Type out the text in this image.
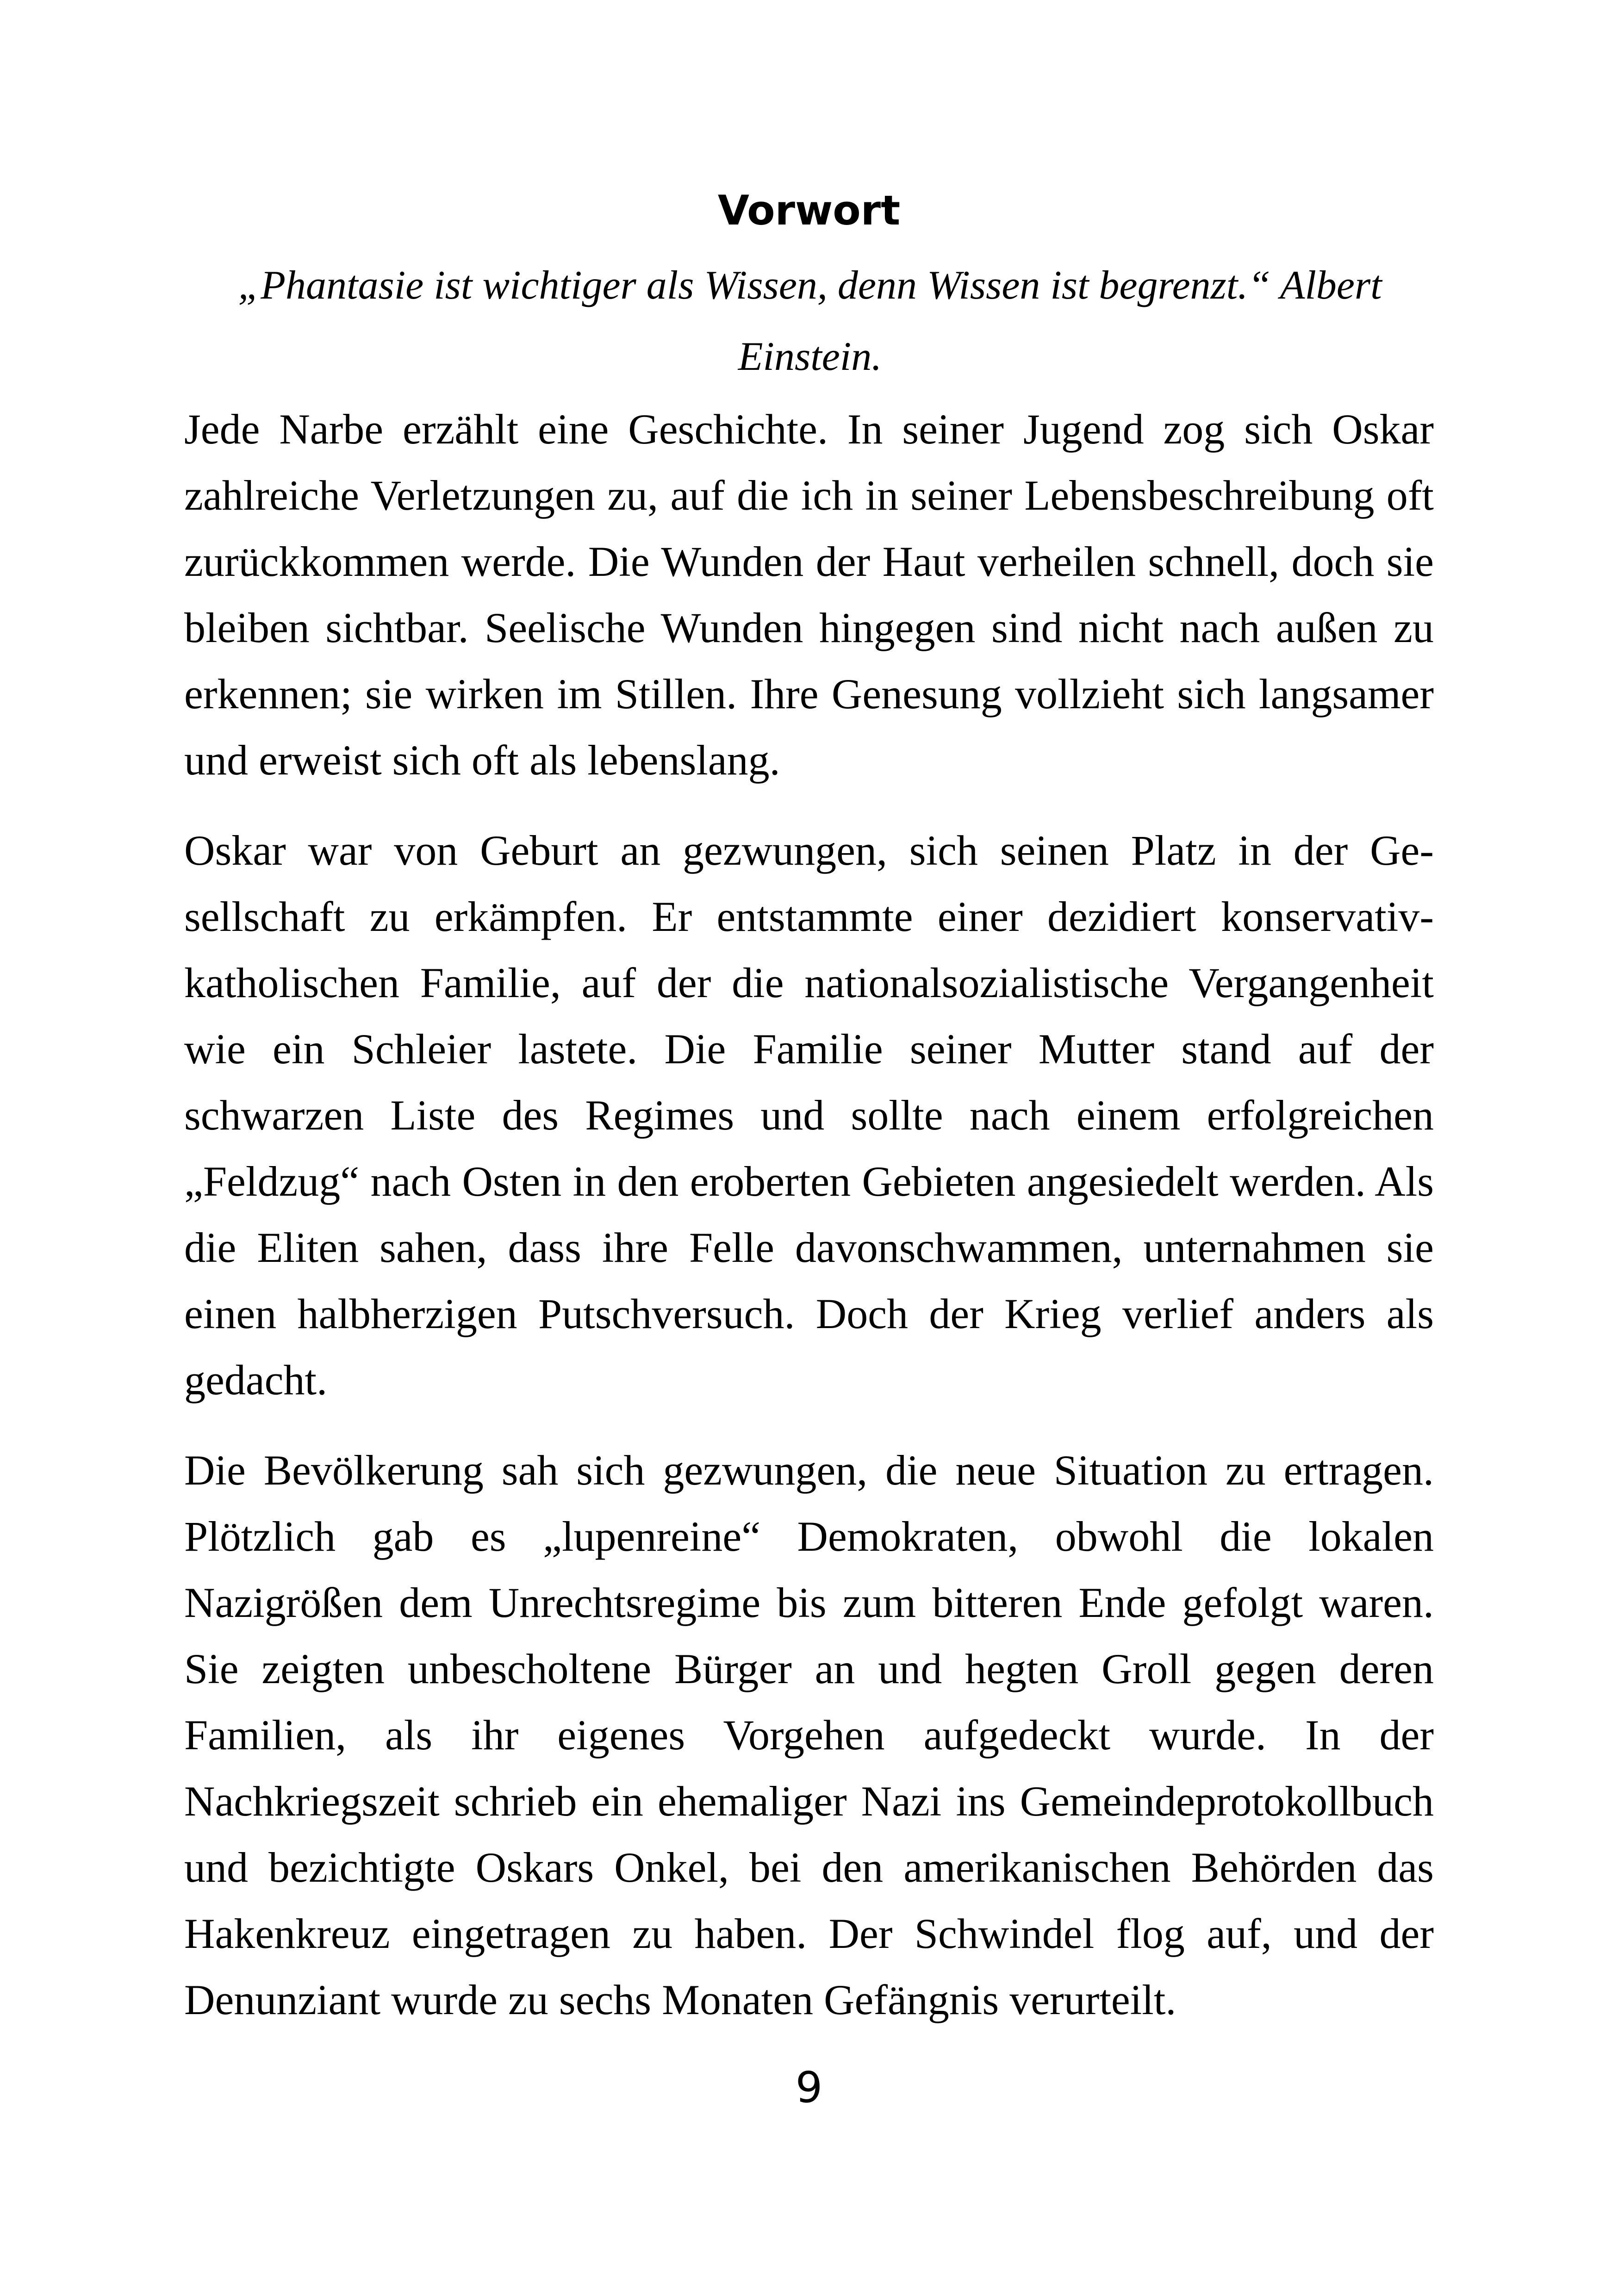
Vorwort

„Phantasie ist wichtiger als Wissen, denn Wissen ist begrenzt.“ Albert Einstein.

Jede Narbe erzählt eine Geschichte. In seiner Jugend zog sich Oskar zahlreiche Verletzungen zu, auf die ich in seiner Lebensbeschreibung oft zurückkommen werde. Die Wunden der Haut verheilen schnell, doch sie bleiben sichtbar. Seelische Wunden hingegen sind nicht nach außen zu erkennen; sie wirken im Stillen. Ihre Genesung vollzieht sich langsamer und erweist sich oft als lebenslang.

Oskar war von Geburt an gezwungen, sich seinen Platz in der Gesellschaft zu erkämpfen. Er entstammte einer dezidiert konservativ-katholischen Familie, auf der die nationalsozialistische Vergangenheit wie ein Schleier lastete. Die Familie seiner Mutter stand auf der schwarzen Liste des Regimes und sollte nach einem erfolgreichen „Feldzug“ nach Osten in den eroberten Gebieten angesiedelt werden. Als die Eliten sahen, dass ihre Felle davonschwammen, unternahmen sie einen halbherzigen Putschversuch. Doch der Krieg verlief anders als gedacht.

Die Bevölkerung sah sich gezwungen, die neue Situation zu ertragen. Plötzlich gab es „lupenreine“ Demokraten, obwohl die lokalen Nazigrößen dem Unrechtsregime bis zum bitteren Ende gefolgt waren. Sie zeigten unbescholtene Bürger an und hegten Groll gegen deren Familien, als ihr eigenes Vorgehen aufgedeckt wurde. In der Nachkriegszeit schrieb ein ehemaliger Nazi ins Gemeindeprotokollbuch und bezichtigte Oskars Onkel, bei den amerikanischen Behörden das Hakenkreuz eingetragen zu haben. Der Schwindel flog auf, und der Denunziant wurde zu sechs Monaten Gefängnis verurteilt.

9
